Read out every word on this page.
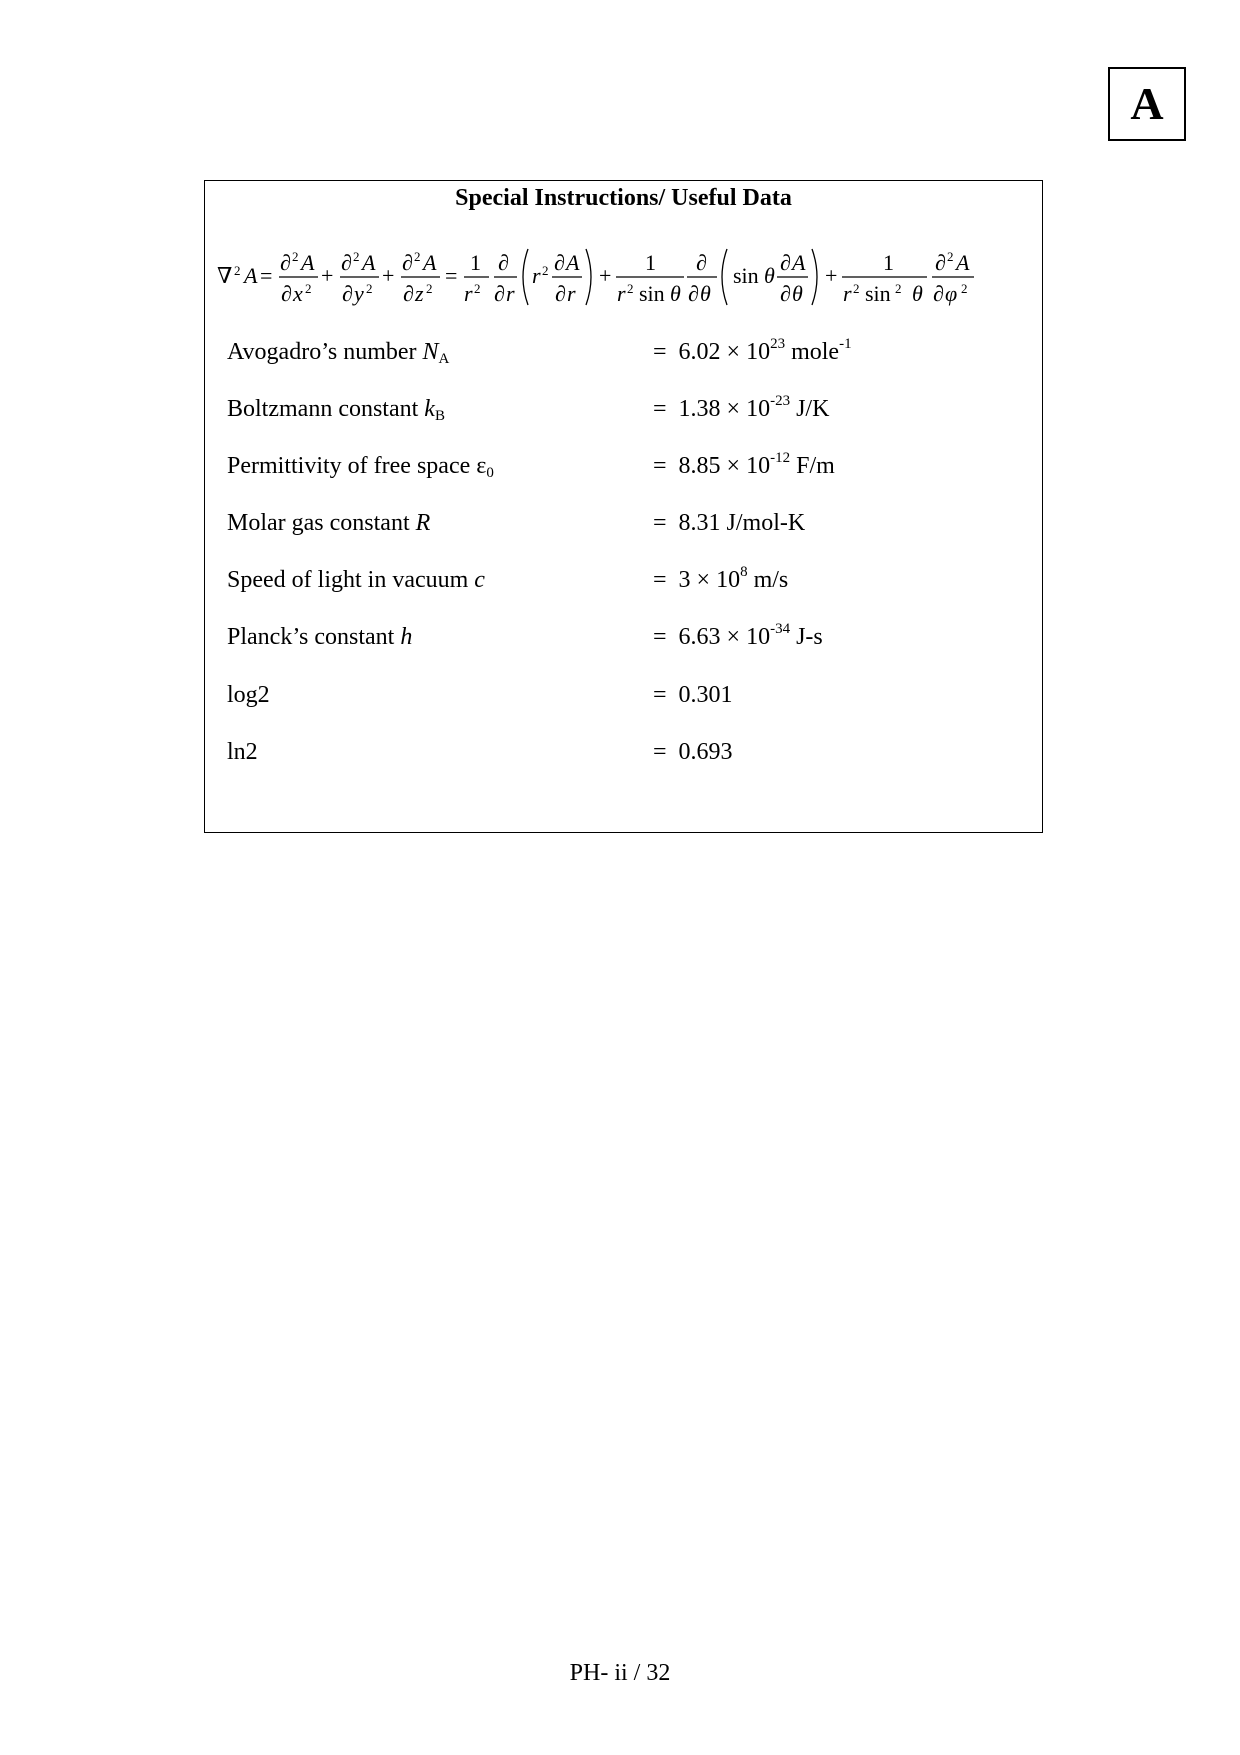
A
Special Instructions/ Useful Data
∇ 2 A =
∂ 2 A
∂ x 2
+
∂ 2 A
∂ y 2
+
∂ 2 A
∂ z 2
=
1
r 2
∂
∂ r
r 2 ∂ A
∂ r
+
1
r 2 sin θ
∂
∂ θ
sin θ
∂ A
∂ θ
+
1
r 2 sin 2 θ
∂ 2 A
∂ φ 2
Avogadro’s number $N_A$	= $6.02 \times 10^{23}$ mole$^{-1}$
Boltzmann constant $k_B$	= $1.38 \times 10^{-23}$ J/K
Permittivity of free space $\varepsilon_0$	= $8.85 \times 10^{-12}$ F/m
Molar gas constant R	= 8.31 J/mol-K
Speed of light in vacuum c	= $3 \times 10^8$ m/s
Planck’s constant h	= $6.63 \times 10^{-34}$ J-s
log2	= 0.301
ln2	= 0.693
PH- ii / 32
